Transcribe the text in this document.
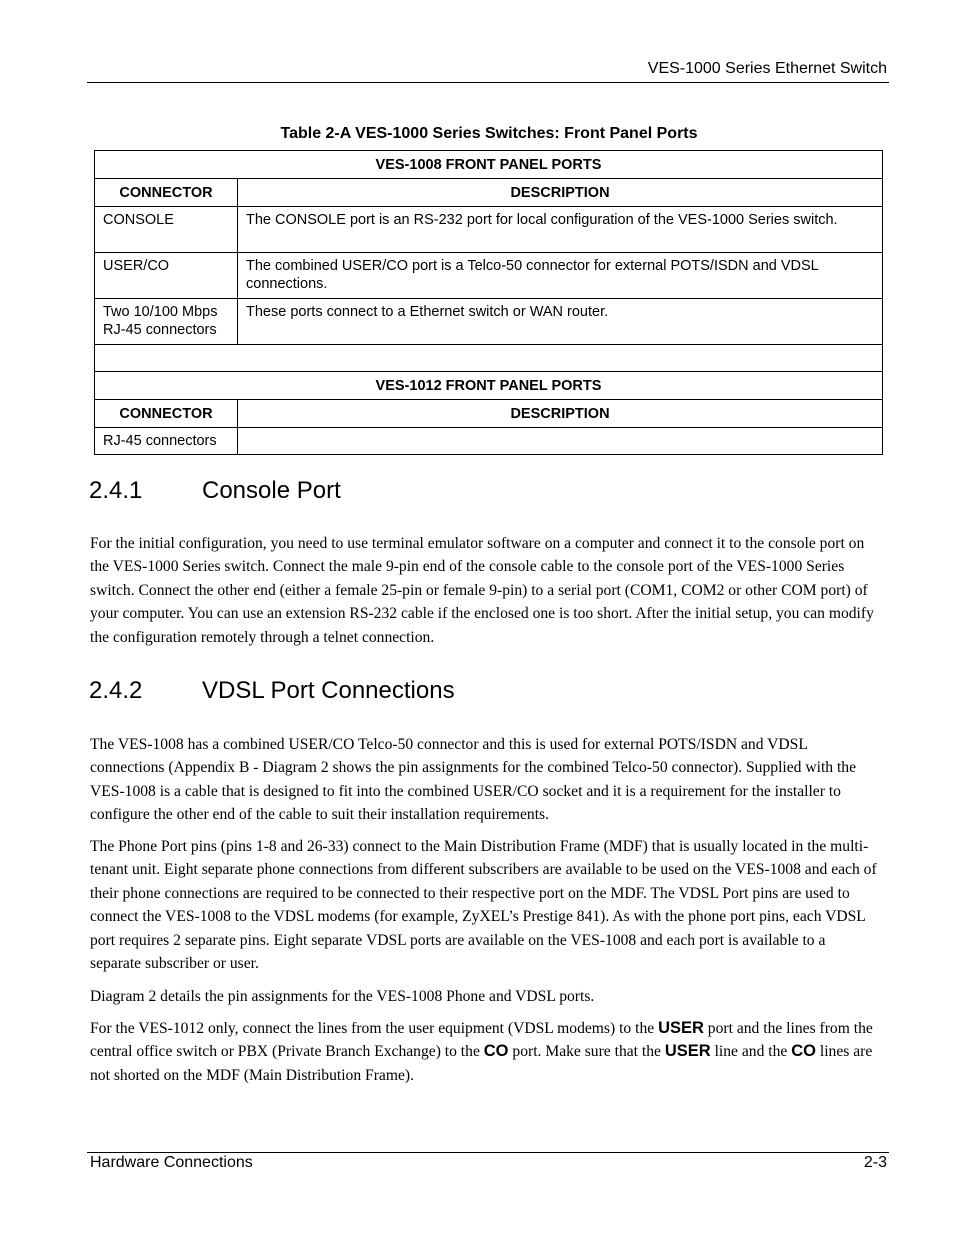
VES-1000 Series Ethernet Switch
Table 2-A VES-1000 Series Switches: Front Panel Ports
VES-1008 FRONT PANEL PORTS	
CONNECTOR	DESCRIPTION
CONSOLE	The CONSOLE port is an RS-232 port for local configuration of the VES-1000 Series switch.
USER/CO	The combined USER/CO port is a Telco-50 connector for external POTS/ISDN and VDSL connections.
Two 10/100 Mbps RJ-45 connectors	These ports connect to a Ethernet switch or WAN router.

VES-1012 FRONT PANEL PORTS	
CONNECTOR	DESCRIPTION
RJ-45 connectors	
2.4.1 Console Port

For the initial configuration, you need to use terminal emulator software on a computer and connect it to the console port on the VES-1000 Series switch. Connect the male 9-pin end of the console cable to the console port of the VES-1000 Series switch. Connect the other end (either a female 25-pin or female 9-pin) to a serial port (COM1, COM2 or other COM port) of your computer. You can use an extension RS-232 cable if the enclosed one is too short. After the initial setup, you can modify the configuration remotely through a telnet connection.

2.4.2 VDSL Port Connections

The VES-1008 has a combined USER/CO Telco-50 connector and this is used for external POTS/ISDN and VDSL connections (Appendix B - Diagram 2 shows the pin assignments for the combined Telco-50 connector). Supplied with the VES-1008 is a cable that is designed to fit into the combined USER/CO socket and it is a requirement for the installer to configure the other end of the cable to suit their installation requirements.

The Phone Port pins (pins 1-8 and 26-33) connect to the Main Distribution Frame (MDF) that is usually located in the multi-tenant unit. Eight separate phone connections from different subscribers are available to be used on the VES-1008 and each of their phone connections are required to be connected to their respective port on the MDF. The VDSL Port pins are used to connect the VES-1008 to the VDSL modems (for example, ZyXEL’s Prestige 841). As with the phone port pins, each VDSL port requires 2 separate pins. Eight separate VDSL ports are available on the VES-1008 and each port is available to a separate subscriber or user.

Diagram 2 details the pin assignments for the VES-1008 Phone and VDSL ports.

For the VES-1012 only, connect the lines from the user equipment (VDSL modems) to the USER port and the lines from the central office switch or PBX (Private Branch Exchange) to the CO port. Make sure that the USER line and the CO lines are not shorted on the MDF (Main Distribution Frame).

Hardware Connections	2-3
